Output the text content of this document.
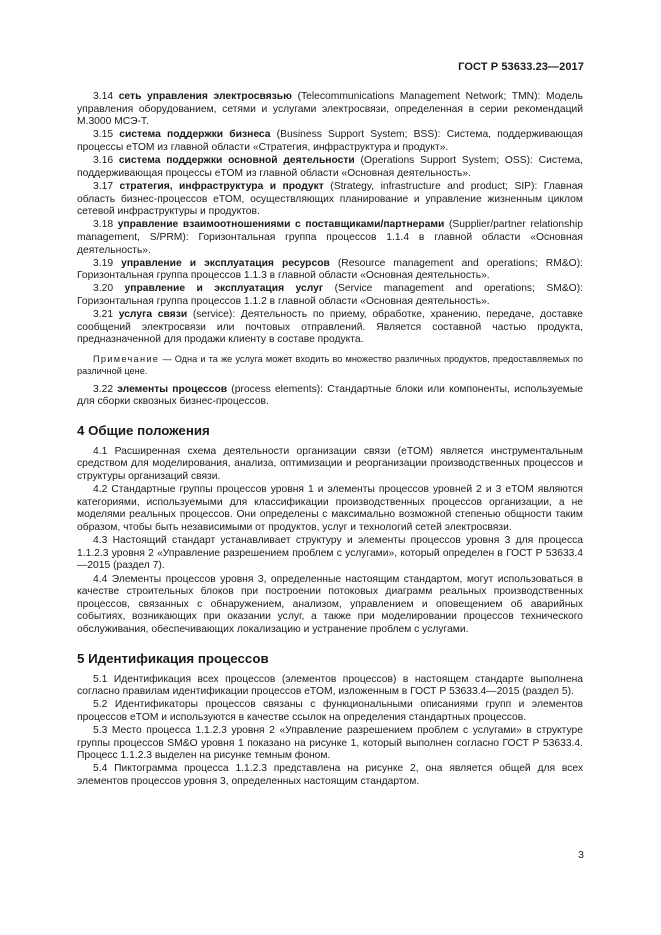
ГОСТ Р 53633.23—2017

3.14 сеть управления электросвязью (Telecommunications Management Network; TMN): Модель управления оборудованием, сетями и услугами электросвязи, определенная в серии рекомендаций М.3000 МСЭ-Т.

3.15 система поддержки бизнеса (Business Support System; BSS): Система, поддерживающая процессы eTOM из главной области «Стратегия, инфраструктура и продукт».

3.16 система поддержки основной деятельности (Operations Support System; OSS): Система, поддерживающая процессы eTOM из главной области «Основная деятельность».

3.17 стратегия, инфраструктура и продукт (Strategy, infrastructure and product; SIP): Главная область бизнес-процессов eTOM, осуществляющих планирование и управление жизненным циклом сетевой инфраструктуры и продуктов.

3.18 управление взаимоотношениями с поставщиками/партнерами (Supplier/partner relationship management, S/PRM): Горизонтальная группа процессов 1.1.4 в главной области «Основная деятельность».

3.19 управление и эксплуатация ресурсов (Resource management and operations; RM&O): Горизонтальная группа процессов 1.1.3 в главной области «Основная деятельность».

3.20 управление и эксплуатация услуг (Service management and operations; SM&O): Горизонтальная группа процессов 1.1.2 в главной области «Основная деятельность».

3.21 услуга связи (service): Деятельность по приему, обработке, хранению, передаче, доставке сообщений электросвязи или почтовых отправлений. Является составной частью продукта, предназначенной для продажи клиенту в составе продукта.

Примечание — Одна и та же услуга может входить во множество различных продуктов, предоставляемых по различной цене.

3.22 элементы процессов (process elements): Стандартные блоки или компоненты, используемые для сборки сквозных бизнес-процессов.

4 Общие положения

4.1 Расширенная схема деятельности организации связи (eTOM) является инструментальным средством для моделирования, анализа, оптимизации и реорганизации производственных процессов и структуры организаций связи.

4.2 Стандартные группы процессов уровня 1 и элементы процессов уровней 2 и 3 eTOM являются категориями, используемыми для классификации производственных процессов организации, а не моделями реальных процессов. Они определены с максимально возможной степенью общности таким образом, чтобы быть независимыми от продуктов, услуг и технологий сетей электросвязи.

4.3 Настоящий стандарт устанавливает структуру и элементы процессов уровня 3 для процесса 1.1.2.3 уровня 2 «Управление разрешением проблем с услугами», который определен в ГОСТ Р 53633.4—2015 (раздел 7).

4.4 Элементы процессов уровня 3, определенные настоящим стандартом, могут использоваться в качестве строительных блоков при построении потоковых диаграмм реальных производственных процессов, связанных с обнаружением, анализом, управлением и оповещением об аварийных событиях, возникающих при оказании услуг, а также при моделировании процессов технического обслуживания, обеспечивающих локализацию и устранение проблем с услугами.

5 Идентификация процессов

5.1 Идентификация всех процессов (элементов процессов) в настоящем стандарте выполнена согласно правилам идентификации процессов eTOM, изложенным в ГОСТ Р 53633.4—2015 (раздел 5).

5.2 Идентификаторы процессов связаны с функциональными описаниями групп и элементов процессов eTOM и используются в качестве ссылок на определения стандартных процессов.

5.3 Место процесса 1.1.2.3 уровня 2 «Управление разрешением проблем с услугами» в структуре группы процессов SM&O уровня 1 показано на рисунке 1, который выполнен согласно ГОСТ Р 53633.4. Процесс 1.1.2.3 выделен на рисунке темным фоном.

5.4 Пиктограмма процесса 1.1.2.3 представлена на рисунке 2, она является общей для всех элементов процессов уровня 3, определенных настоящим стандартом.

3
